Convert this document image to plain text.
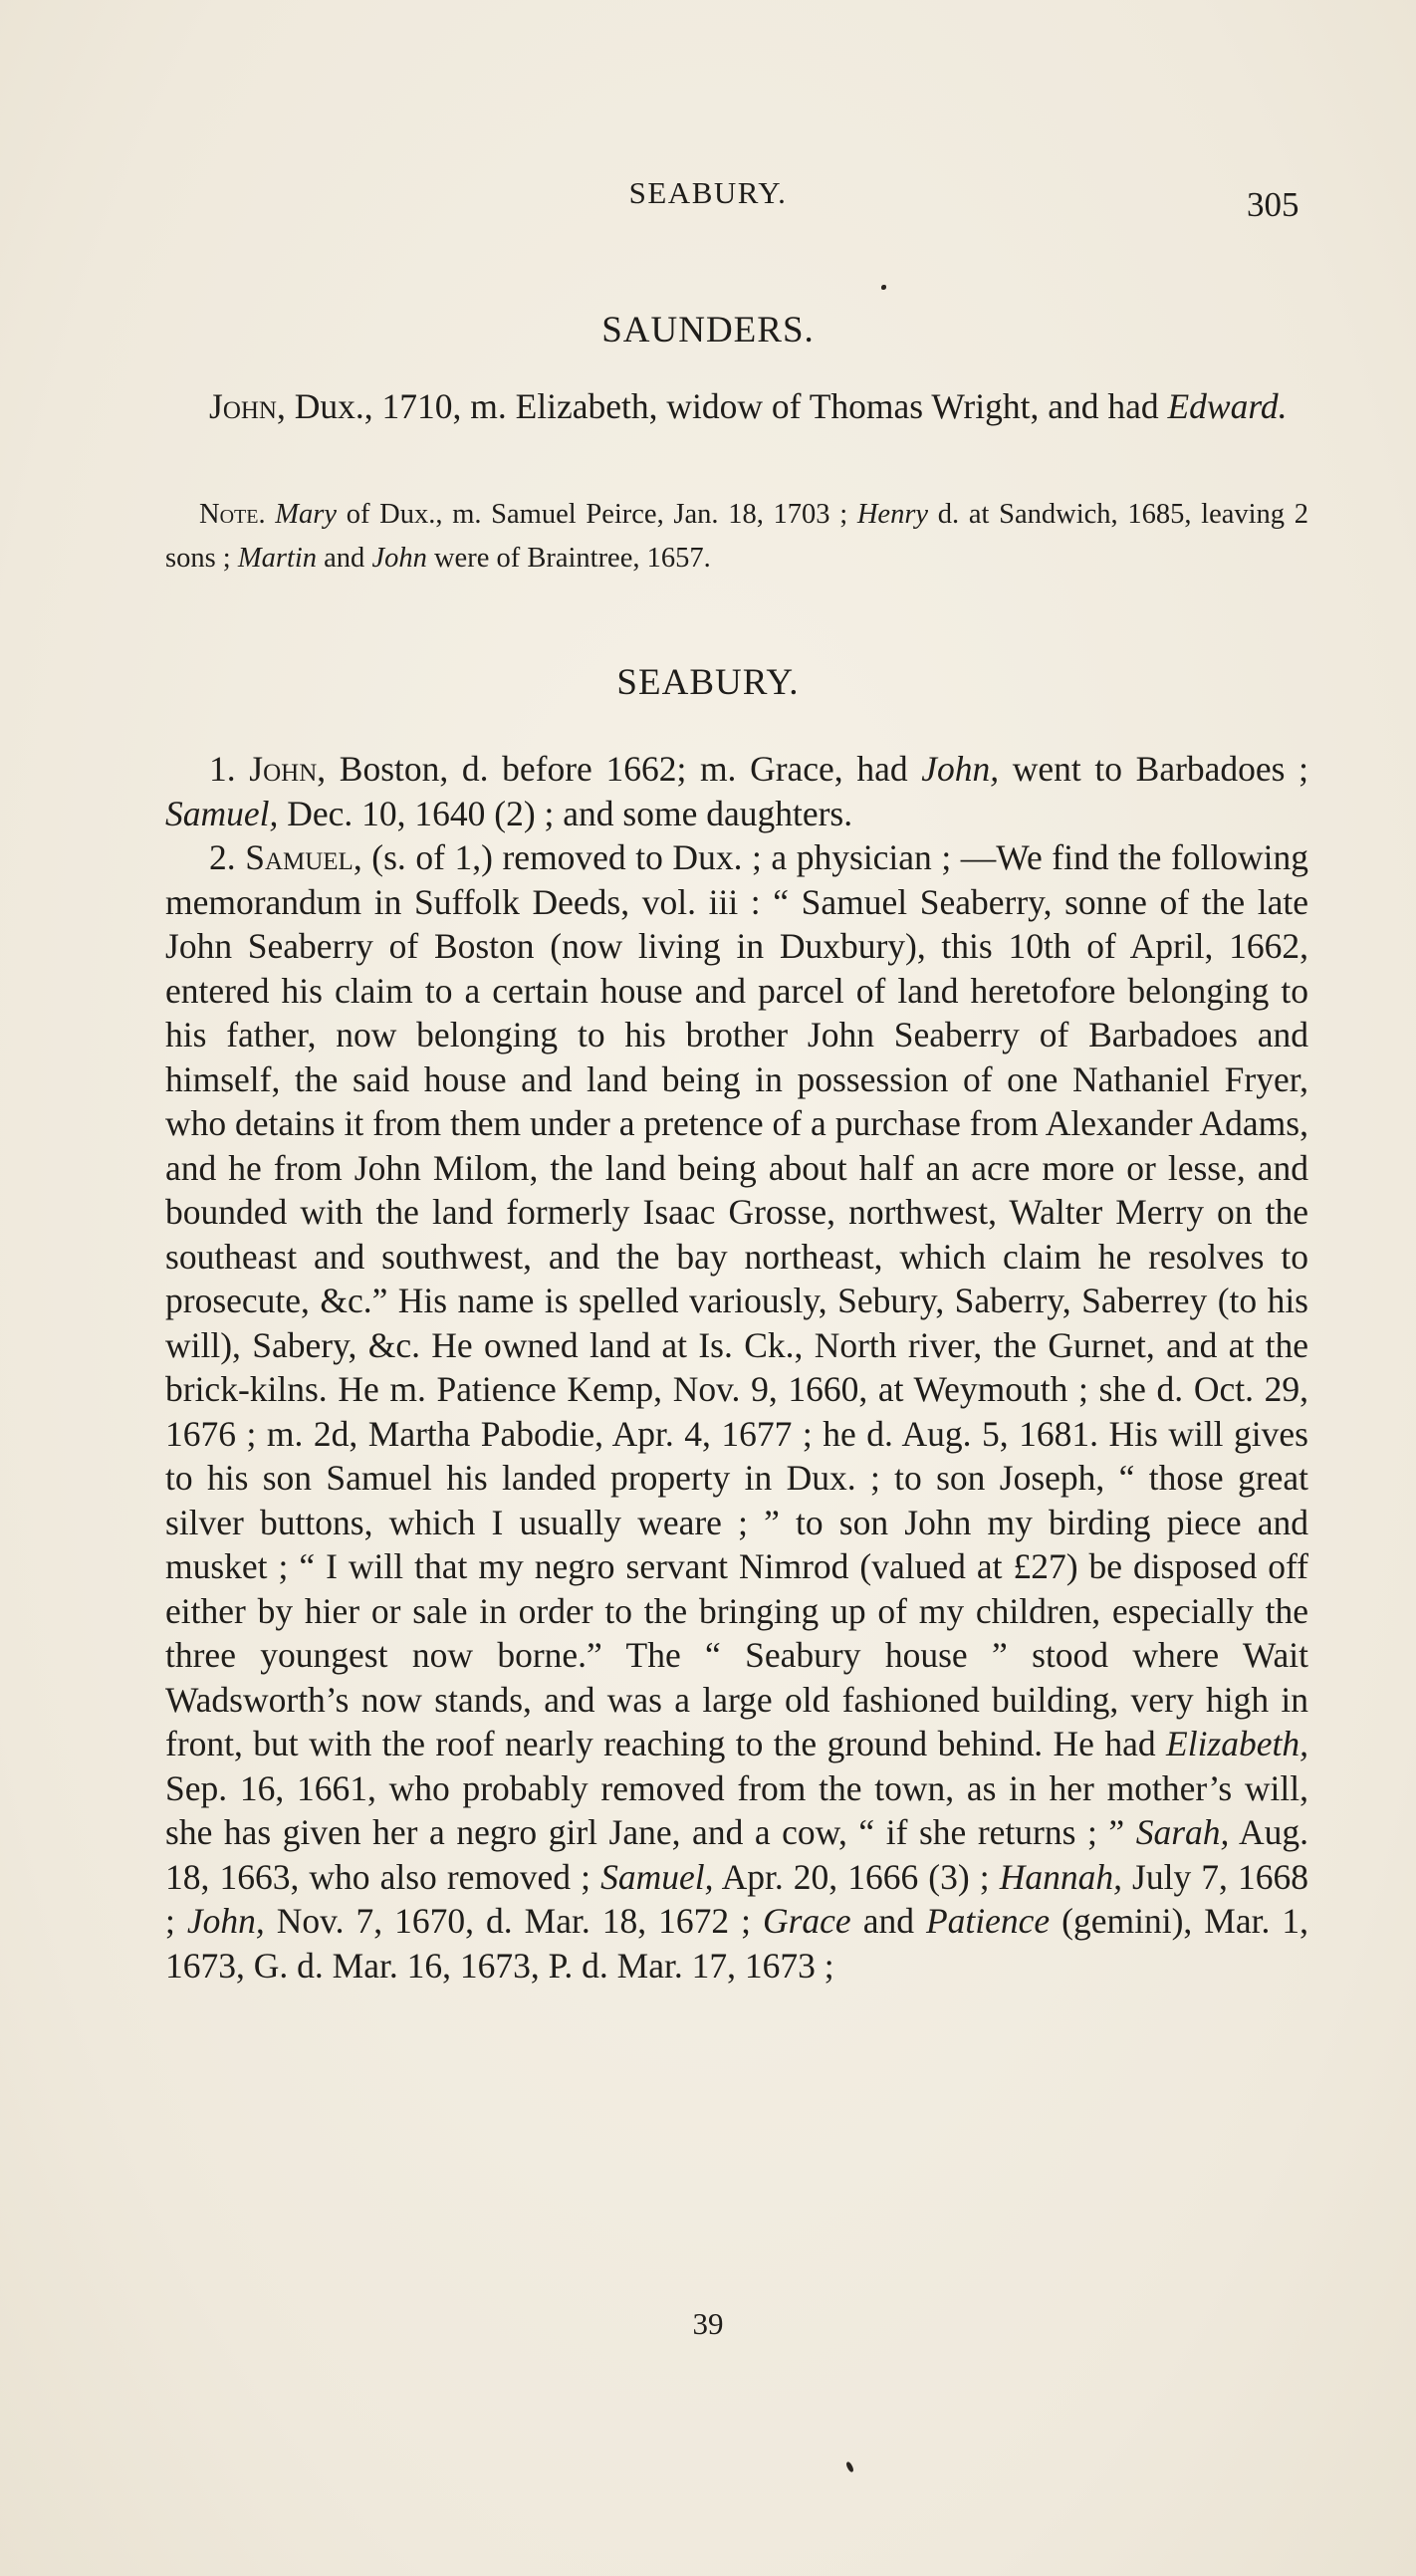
SEABURY.	305
SAUNDERS.

John, Dux., 1710, m. Elizabeth, widow of Thomas Wright, and had Edward.

Note. Mary of Dux., m. Samuel Peirce, Jan. 18, 1703 ; Henry d. at Sandwich, 1685, leaving 2 sons ; Martin and John were of Braintree, 1657.

SEABURY.

1. John, Boston, d. before 1662; m. Grace, had John, went to Barbadoes ; Samuel, Dec. 10, 1640 (2) ; and some daughters.

2. Samuel, (s. of 1,) removed to Dux. ; a physician ; —We find the following memorandum in Suffolk Deeds, vol. iii : “ Samuel Seaberry, sonne of the late John Seaberry of Boston (now living in Duxbury), this 10th of April, 1662, entered his claim to a certain house and parcel of land heretofore belonging to his father, now belonging to his brother John Seaberry of Barbadoes and himself, the said house and land being in possession of one Nathaniel Fryer, who detains it from them under a pretence of a purchase from Alexander Adams, and he from John Milom, the land being about half an acre more or lesse, and bounded with the land formerly Isaac Grosse, northwest, Walter Merry on the southeast and southwest, and the bay northeast, which claim he resolves to prosecute, &c.” His name is spelled variously, Sebury, Saberry, Saberrey (to his will), Sabery, &c. He owned land at Is. Ck., North river, the Gurnet, and at the brick-kilns. He m. Patience Kemp, Nov. 9, 1660, at Weymouth ; she d. Oct. 29, 1676 ; m. 2d, Martha Pabodie, Apr. 4, 1677 ; he d. Aug. 5, 1681. His will gives to his son Samuel his landed property in Dux. ; to son Joseph, “ those great silver buttons, which I usually weare ; ” to son John my birding piece and musket ; “ I will that my negro servant Nimrod (valued at £27) be disposed off either by hier or sale in order to the bringing up of my children, especially the three youngest now borne.” The “ Seabury house ” stood where Wait Wadsworth’s now stands, and was a large old fashioned building, very high in front, but with the roof nearly reaching to the ground behind. He had Elizabeth, Sep. 16, 1661, who probably removed from the town, as in her mother’s will, she has given her a negro girl Jane, and a cow, “ if she returns ; ” Sarah, Aug. 18, 1663, who also removed ; Samuel, Apr. 20, 1666 (3) ; Hannah, July 7, 1668 ; John, Nov. 7, 1670, d. Mar. 18, 1672 ; Grace and Patience (gemini), Mar. 1, 1673, G. d. Mar. 16, 1673, P. d. Mar. 17, 1673 ;

39
